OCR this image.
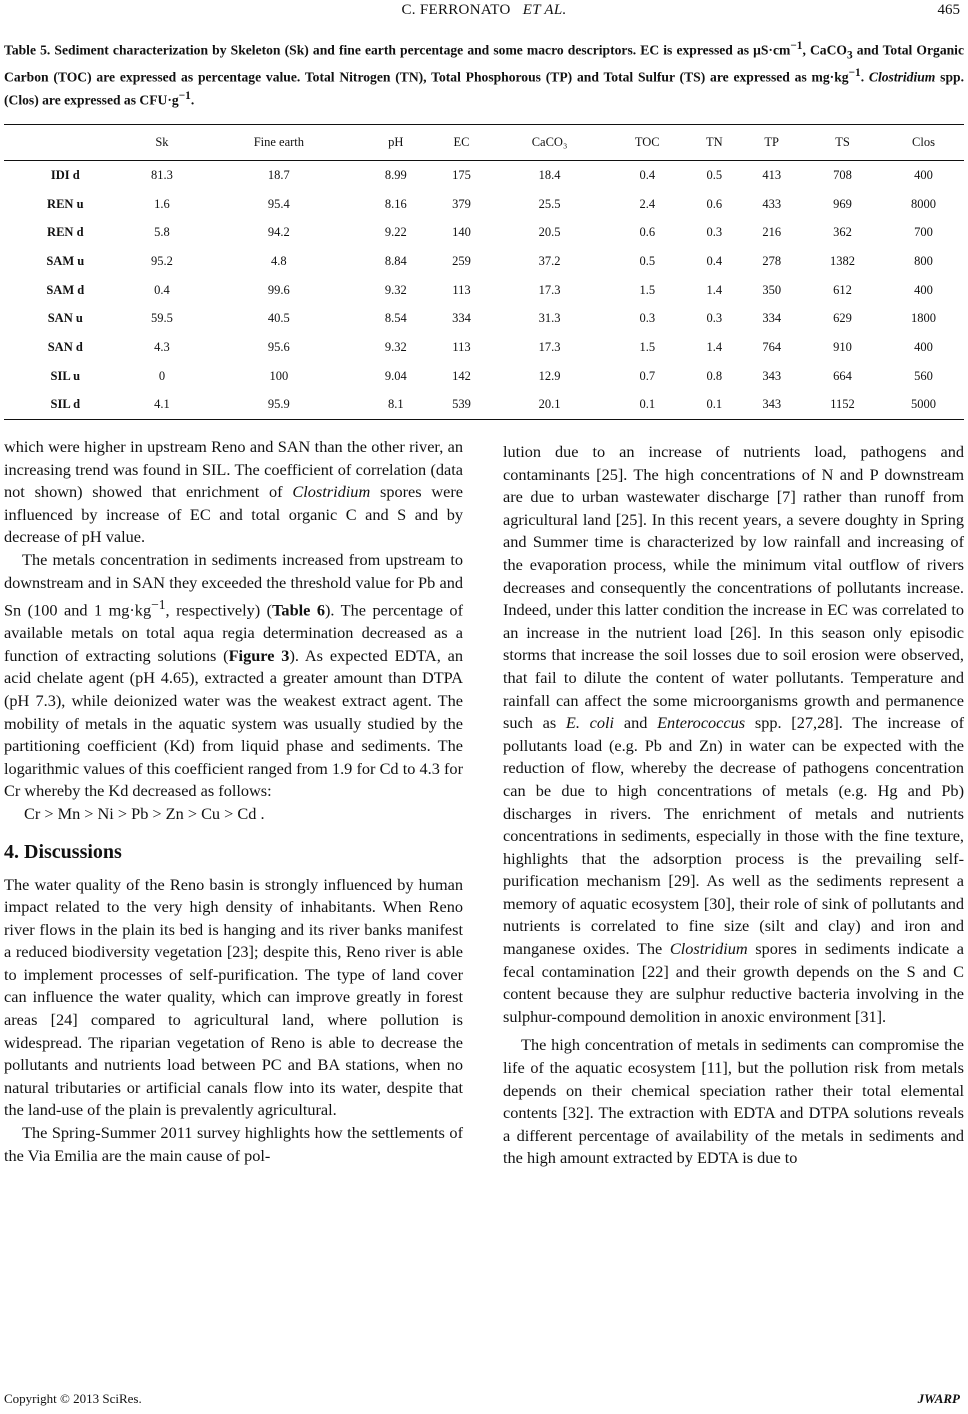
C. FERRONATO ET AL.	465
Table 5. Sediment characterization by Skeleton (Sk) and fine earth percentage and some macro descriptors. EC is expressed as $\mu S\cdot cm^{-1}$, CaCO$_3$ and Total Organic Carbon (TOC) are expressed as percentage value. Total Nitrogen (TN), Total Phosphorous (TP) and Total Sulfur (TS) are expressed as $mg\cdot kg^{-1}$. Clostridium spp. (Clos) are expressed as $CFU\cdot g^{-1}$.
	Sk	Fine earth	pH	EC	CaCO₃	TOC	TN	TP	TS	Clos
IDI d	81.3	18.7	8.99	175	18.4	0.4	0.5	413	708	400
REN u	1.6	95.4	8.16	379	25.5	2.4	0.6	433	969	8000
REN d	5.8	94.2	9.22	140	20.5	0.6	0.3	216	362	700
SAM u	95.2	4.8	8.84	259	37.2	0.5	0.4	278	1382	800
SAM d	0.4	99.6	9.32	113	17.3	1.5	1.4	350	612	400
SAN u	59.5	40.5	8.54	334	31.3	0.3	0.3	334	629	1800
SAN d	4.3	95.6	9.32	113	17.3	1.5	1.4	764	910	400
SIL u	0	100	9.04	142	12.9	0.7	0.8	343	664	560
SIL d	4.1	95.9	8.1	539	20.1	0.1	0.1	343	1152	5000

which were higher in upstream Reno and SAN than the other river, an increasing trend was found in SIL. The coefficient of correlation (data not shown) showed that enrichment of Clostridium spores were influenced by increase of EC and total organic C and S and by decrease of pH value.

The metals concentration in sediments increased from upstream to downstream and in SAN they exceeded the threshold value for Pb and Sn (100 and 1 $mg\cdot kg^{-1}$, respectively) (Table 6). The percentage of available metals on total aqua regia determination decreased as a function of extracting solutions (Figure 3). As expected EDTA, an acid chelate agent (pH 4.65), extracted a greater amount than DTPA (pH 7.3), while deionized water was the weakest extract agent. The mobility of metals in the aquatic system was usually studied by the partitioning coefficient (Kd) from liquid phase and sediments. The logarithmic values of this coefficient ranged from 1.9 for Cd to 4.3 for Cr whereby the Kd decreased as follows:
Cr > Mn > Ni > Pb > Zn > Cu > Cd .

4. Discussions

The water quality of the Reno basin is strongly influenced by human impact related to the very high density of inhabitants. When Reno river flows in the plain its bed is hanging and its river banks manifest a reduced biodiversity vegetation [23]; despite this, Reno river is able to implement processes of self-purification. The type of land cover can influence the water quality, which can improve greatly in forest areas [24] compared to agricultural land, where pollution is widespread. The riparian vegetation of Reno is able to decrease the pollutants and nutrients load between PC and BA stations, when no natural tributaries or artificial canals flow into its water, despite that the land-use of the plain is prevalently agricultural.

The Spring-Summer 2011 survey highlights how the settlements of the Via Emilia are the main cause of pol-

lution due to an increase of nutrients load, pathogens and contaminants [25]. The high concentrations of N and P downstream are due to urban wastewater discharge [7] rather than runoff from agricultural land [25]. In this recent years, a severe doughty in Spring and Summer time is characterized by low rainfall and increasing of the evaporation process, while the minimum vital outflow of rivers decreases and consequently the concentrations of pollutants increase. Indeed, under this latter condition the increase in EC was correlated to an increase in the nutrient load [26]. In this season only episodic storms that increase the soil losses due to soil erosion were observed, that fail to dilute the content of water pollutants. Temperature and rainfall can affect the some microorganisms growth and permanence such as E. coli and Enterococcus spp. [27,28]. The increase of pollutants load (e.g. Pb and Zn) in water can be expected with the reduction of flow, whereby the decrease of pathogens concentration can be due to high concentrations of metals (e.g. Hg and Pb) discharges in rivers. The enrichment of metals and nutrients concentrations in sediments, especially in those with the fine texture, highlights that the adsorption process is the prevailing self-purification mechanism [29]. As well as the sediments represent a memory of aquatic ecosystem [30], their role of sink of pollutants and nutrients is correlated to fine size (silt and clay) and iron and manganese oxides. The Clostridium spores in sediments indicate a fecal contamination [22] and their growth depends on the S and C content because they are sulphur reductive bacteria involving in the sulphur-compound demolition in anoxic environment [31].

The high concentration of metals in sediments can compromise the life of the aquatic ecosystem [11], but the pollution risk from metals depends on their chemical speciation rather their total elemental contents [32]. The extraction with EDTA and DTPA solutions reveals a different percentage of availability of the metals in sediments and the high amount extracted by EDTA is due to

Copyright © 2013 SciRes.	JWARP
